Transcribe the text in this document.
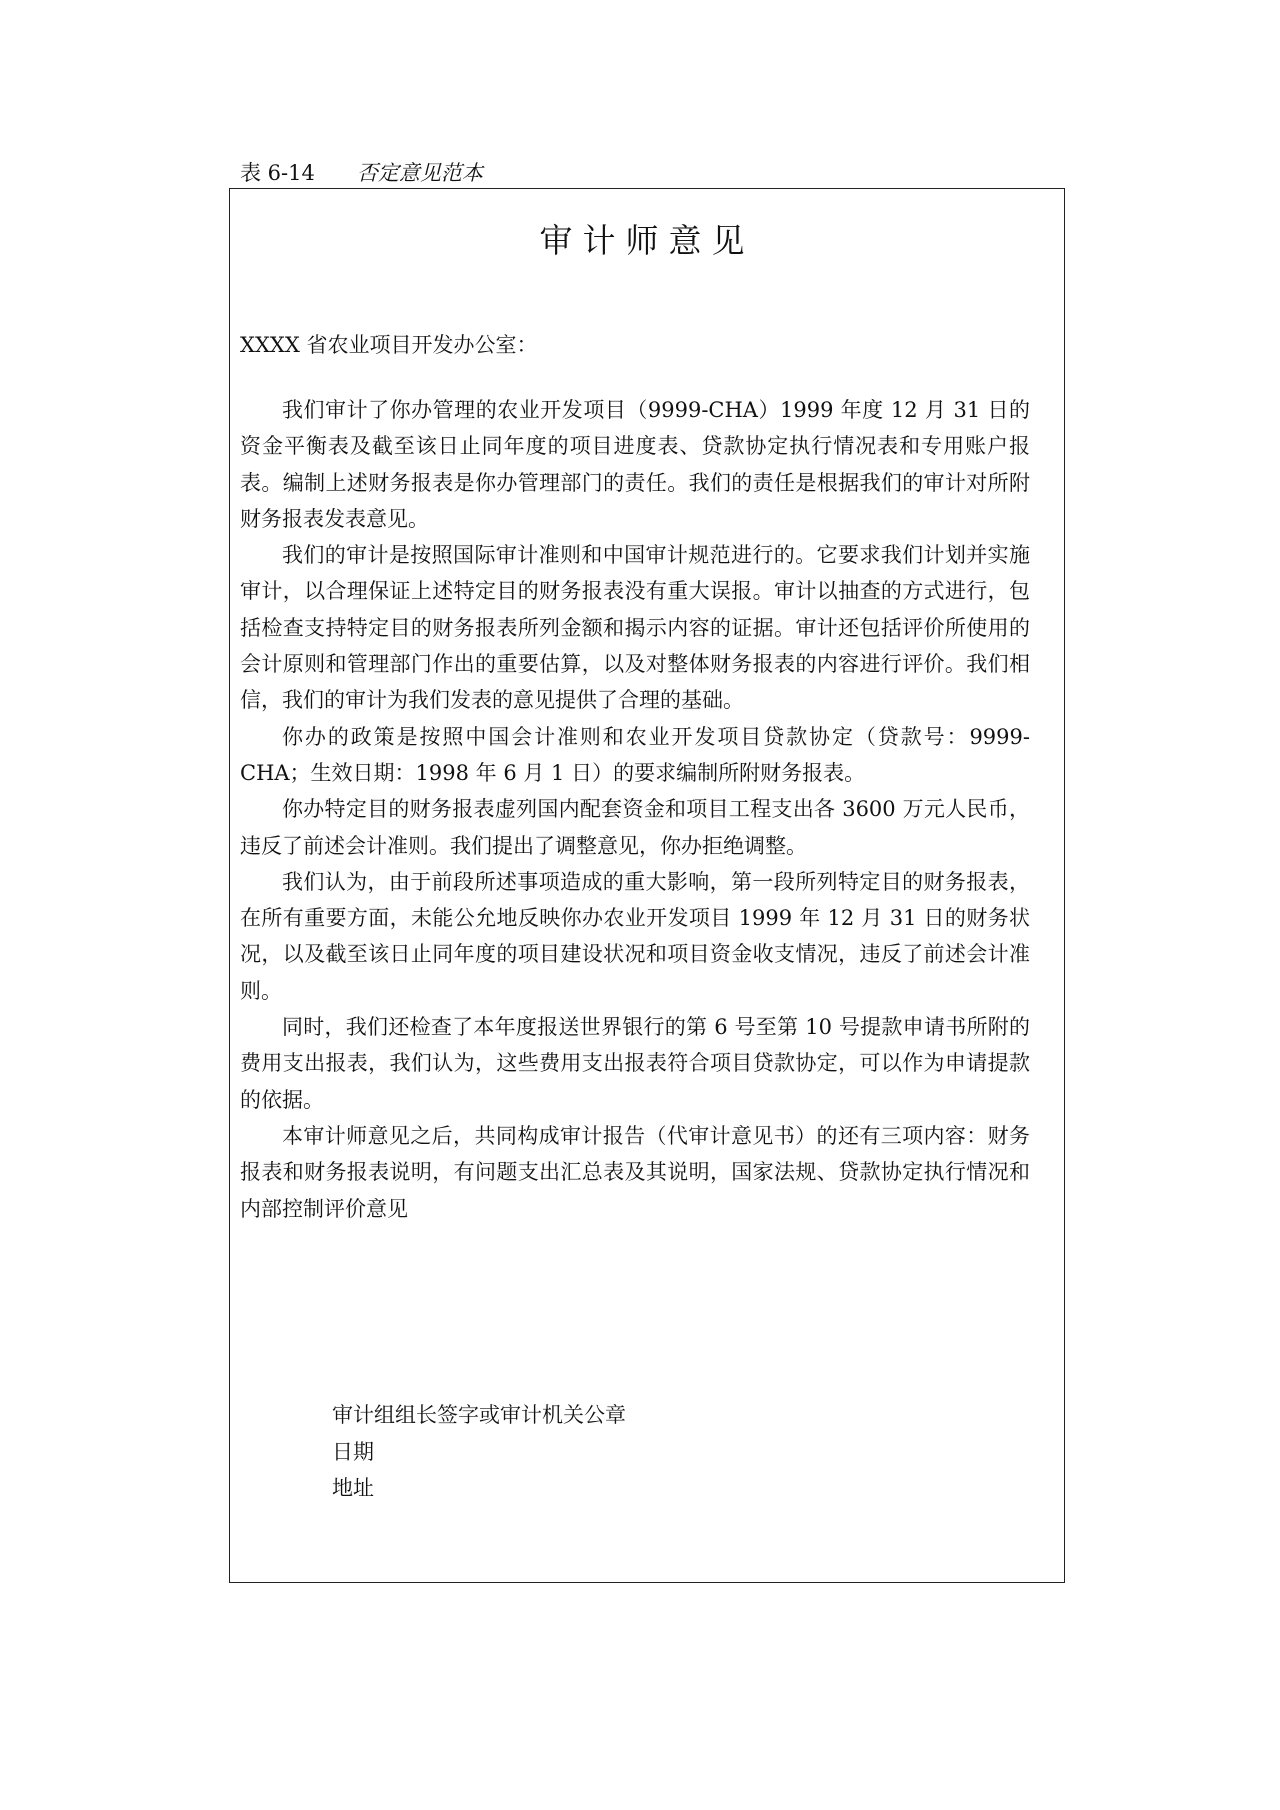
表 6-14 否定意见范本
审计师意见
XXXX 省农业项目开发办公室：

我们审计了你办管理的农业开发项目（9999-CHA）1999 年度 12 月 31 日的资金平衡表及截至该日止同年度的项目进度表、贷款协定执行情况表和专用账户报表。编制上述财务报表是你办管理部门的责任。我们的责任是根据我们的审计对所附财务报表发表意见。

我们的审计是按照国际审计准则和中国审计规范进行的。它要求我们计划并实施审计，以合理保证上述特定目的财务报表没有重大误报。审计以抽查的方式进行，包括检查支持特定目的财务报表所列金额和揭示内容的证据。审计还包括评价所使用的会计原则和管理部门作出的重要估算，以及对整体财务报表的内容进行评价。我们相信，我们的审计为我们发表的意见提供了合理的基础。

你办的政策是按照中国会计准则和农业开发项目贷款协定（贷款号：9999-CHA；生效日期：1998 年 6 月 1 日）的要求编制所附财务报表。

你办特定目的财务报表虚列国内配套资金和项目工程支出各 3600 万元人民币，违反了前述会计准则。我们提出了调整意见，你办拒绝调整。

我们认为，由于前段所述事项造成的重大影响，第一段所列特定目的财务报表，在所有重要方面，未能公允地反映你办农业开发项目 1999 年 12 月 31 日的财务状况，以及截至该日止同年度的项目建设状况和项目资金收支情况，违反了前述会计准则。

同时，我们还检查了本年度报送世界银行的第 6 号至第 10 号提款申请书所附的费用支出报表，我们认为，这些费用支出报表符合项目贷款协定，可以作为申请提款的依据。

本审计师意见之后，共同构成审计报告（代审计意见书）的还有三项内容：财务报表和财务报表说明，有问题支出汇总表及其说明，国家法规、贷款协定执行情况和内部控制评价意见

审计组组长签字或审计机关公章
日期
地址
